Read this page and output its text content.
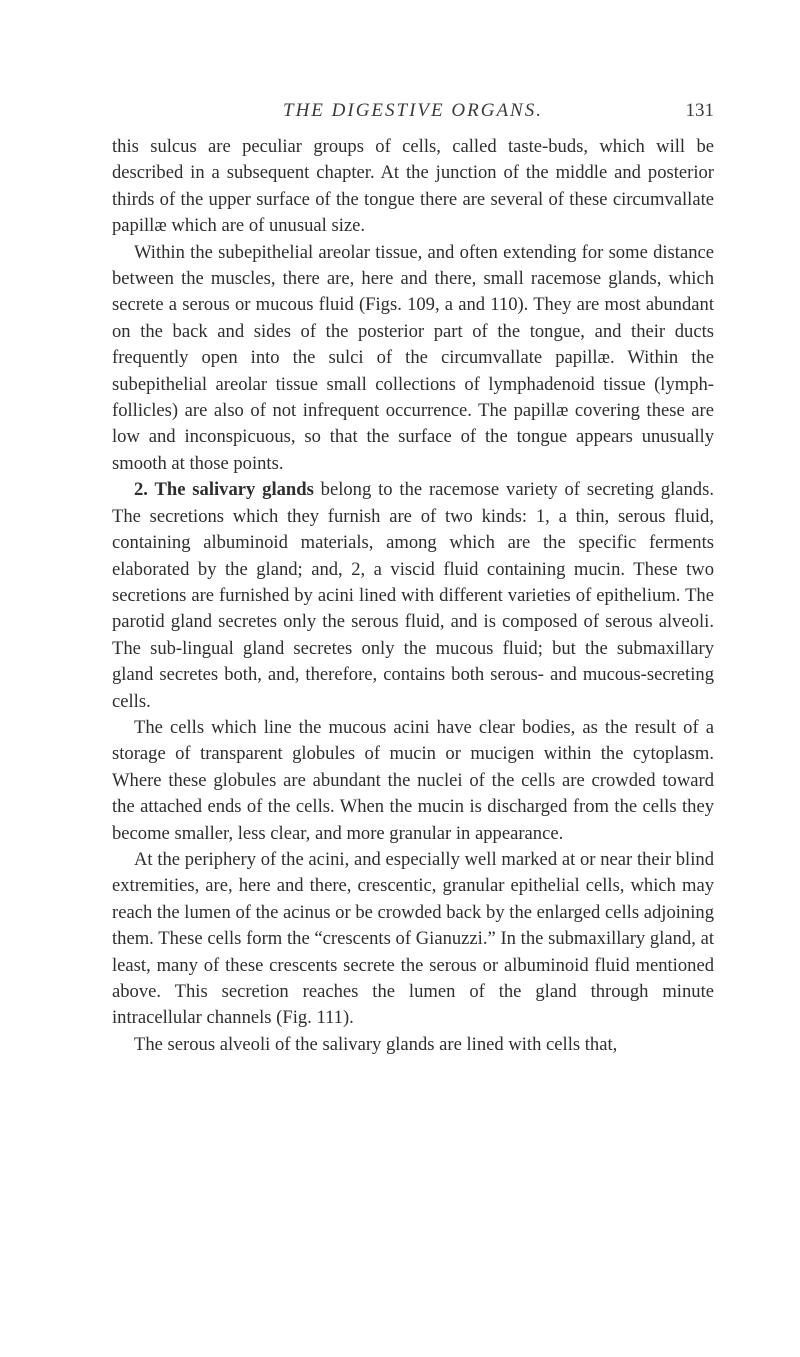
THE DIGESTIVE ORGANS.	131

this sulcus are peculiar groups of cells, called taste-buds, which will be described in a subsequent chapter. At the junction of the middle and posterior thirds of the upper surface of the tongue there are several of these circumvallate papillæ which are of unusual size.

Within the subepithelial areolar tissue, and often extending for some distance between the muscles, there are, here and there, small racemose glands, which secrete a serous or mucous fluid (Figs. 109, a and 110). They are most abundant on the back and sides of the posterior part of the tongue, and their ducts frequently open into the sulci of the circumvallate papillæ. Within the subepithelial areolar tissue small collections of lymphadenoid tissue (lymph-follicles) are also of not infrequent occurrence. The papillæ covering these are low and inconspicuous, so that the surface of the tongue appears unusually smooth at those points.

2. The salivary glands belong to the racemose variety of secreting glands. The secretions which they furnish are of two kinds: 1, a thin, serous fluid, containing albuminoid materials, among which are the specific ferments elaborated by the gland; and, 2, a viscid fluid containing mucin. These two secretions are furnished by acini lined with different varieties of epithelium. The parotid gland secretes only the serous fluid, and is composed of serous alveoli. The sub-lingual gland secretes only the mucous fluid; but the submaxillary gland secretes both, and, therefore, contains both serous- and mucous-secreting cells.

The cells which line the mucous acini have clear bodies, as the result of a storage of transparent globules of mucin or mucigen within the cytoplasm. Where these globules are abundant the nuclei of the cells are crowded toward the attached ends of the cells. When the mucin is discharged from the cells they become smaller, less clear, and more granular in appearance.

At the periphery of the acini, and especially well marked at or near their blind extremities, are, here and there, crescentic, granular epithelial cells, which may reach the lumen of the acinus or be crowded back by the enlarged cells adjoining them. These cells form the “crescents of Gianuzzi.” In the submaxillary gland, at least, many of these crescents secrete the serous or albuminoid fluid mentioned above. This secretion reaches the lumen of the gland through minute intracellular channels (Fig. 111).

The serous alveoli of the salivary glands are lined with cells that,
